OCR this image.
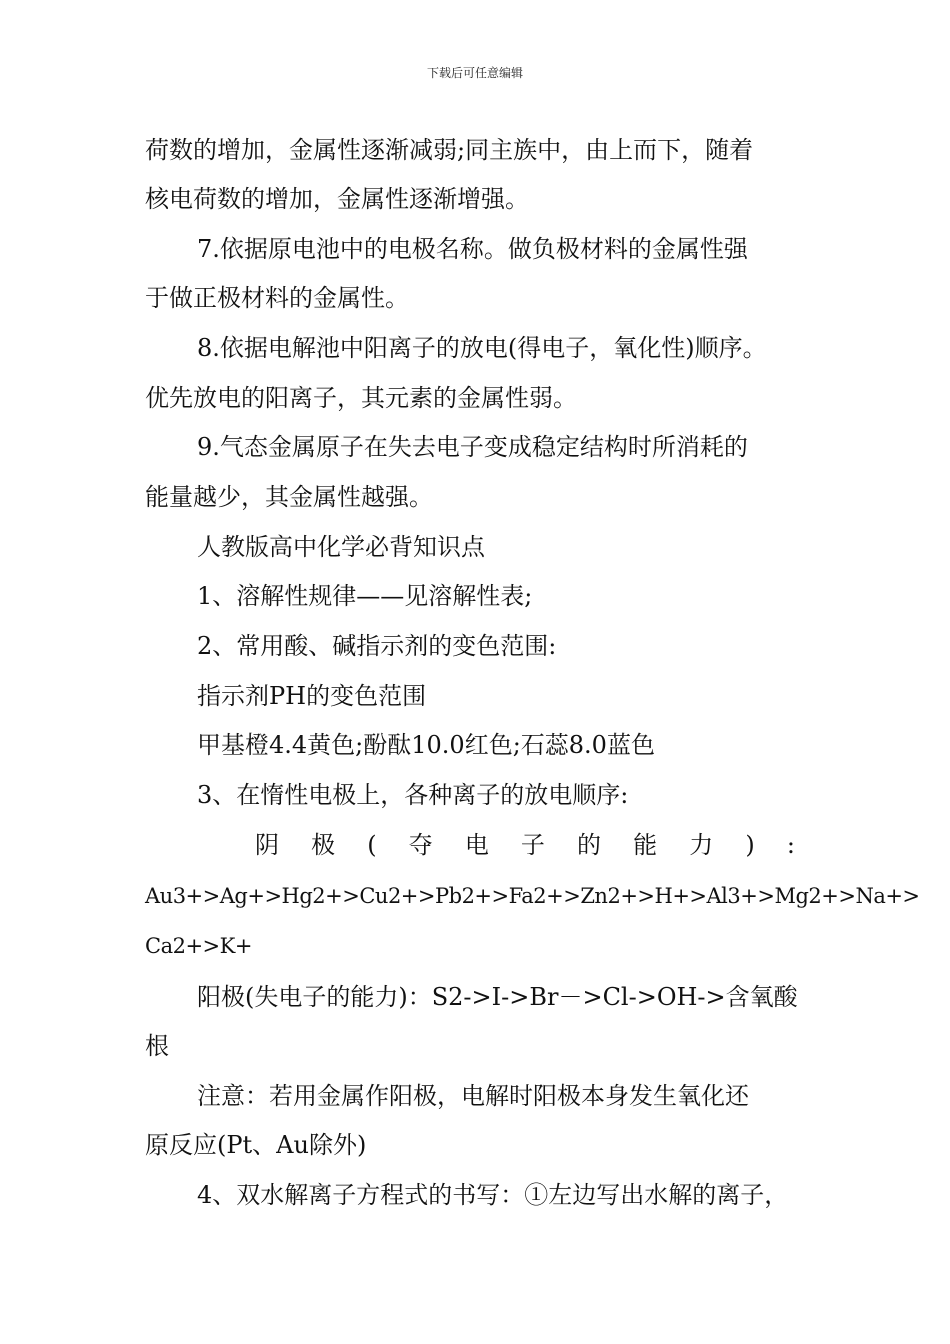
下载后可任意编辑
荷数的增加，金属性逐渐减弱;同主族中，由上而下，随着
核电荷数的增加，金属性逐渐增强。
7.依据原电池中的电极名称。做负极材料的金属性强
于做正极材料的金属性。
8.依据电解池中阳离子的放电(得电子，氧化性)顺序。
优先放电的阳离子，其元素的金属性弱。
9.气态金属原子在失去电子变成稳定结构时所消耗的
能量越少，其金属性越强。
人教版高中化学必背知识点
1、溶解性规律——见溶解性表;
2、常用酸、碱指示剂的变色范围:
指示剂PH的变色范围
甲基橙4.4黄色;酚酞10.0红色;石蕊8.0蓝色
3、在惰性电极上，各种离子的放电顺序:
阴 极 ( 夺 电 子 的 能 力 ) :
Au3+>Ag+>Hg2+>Cu2+>Pb2+>Fa2+>Zn2+>H+>Al3+>Mg2+>Na+>
Ca2+>K+
阳极(失电子的能力)：S2->I->Br－>Cl->OH->含氧酸
根
注意：若用金属作阳极，电解时阳极本身发生氧化还
原反应(Pt、Au除外)
4、双水解离子方程式的书写：①左边写出水解的离子，
